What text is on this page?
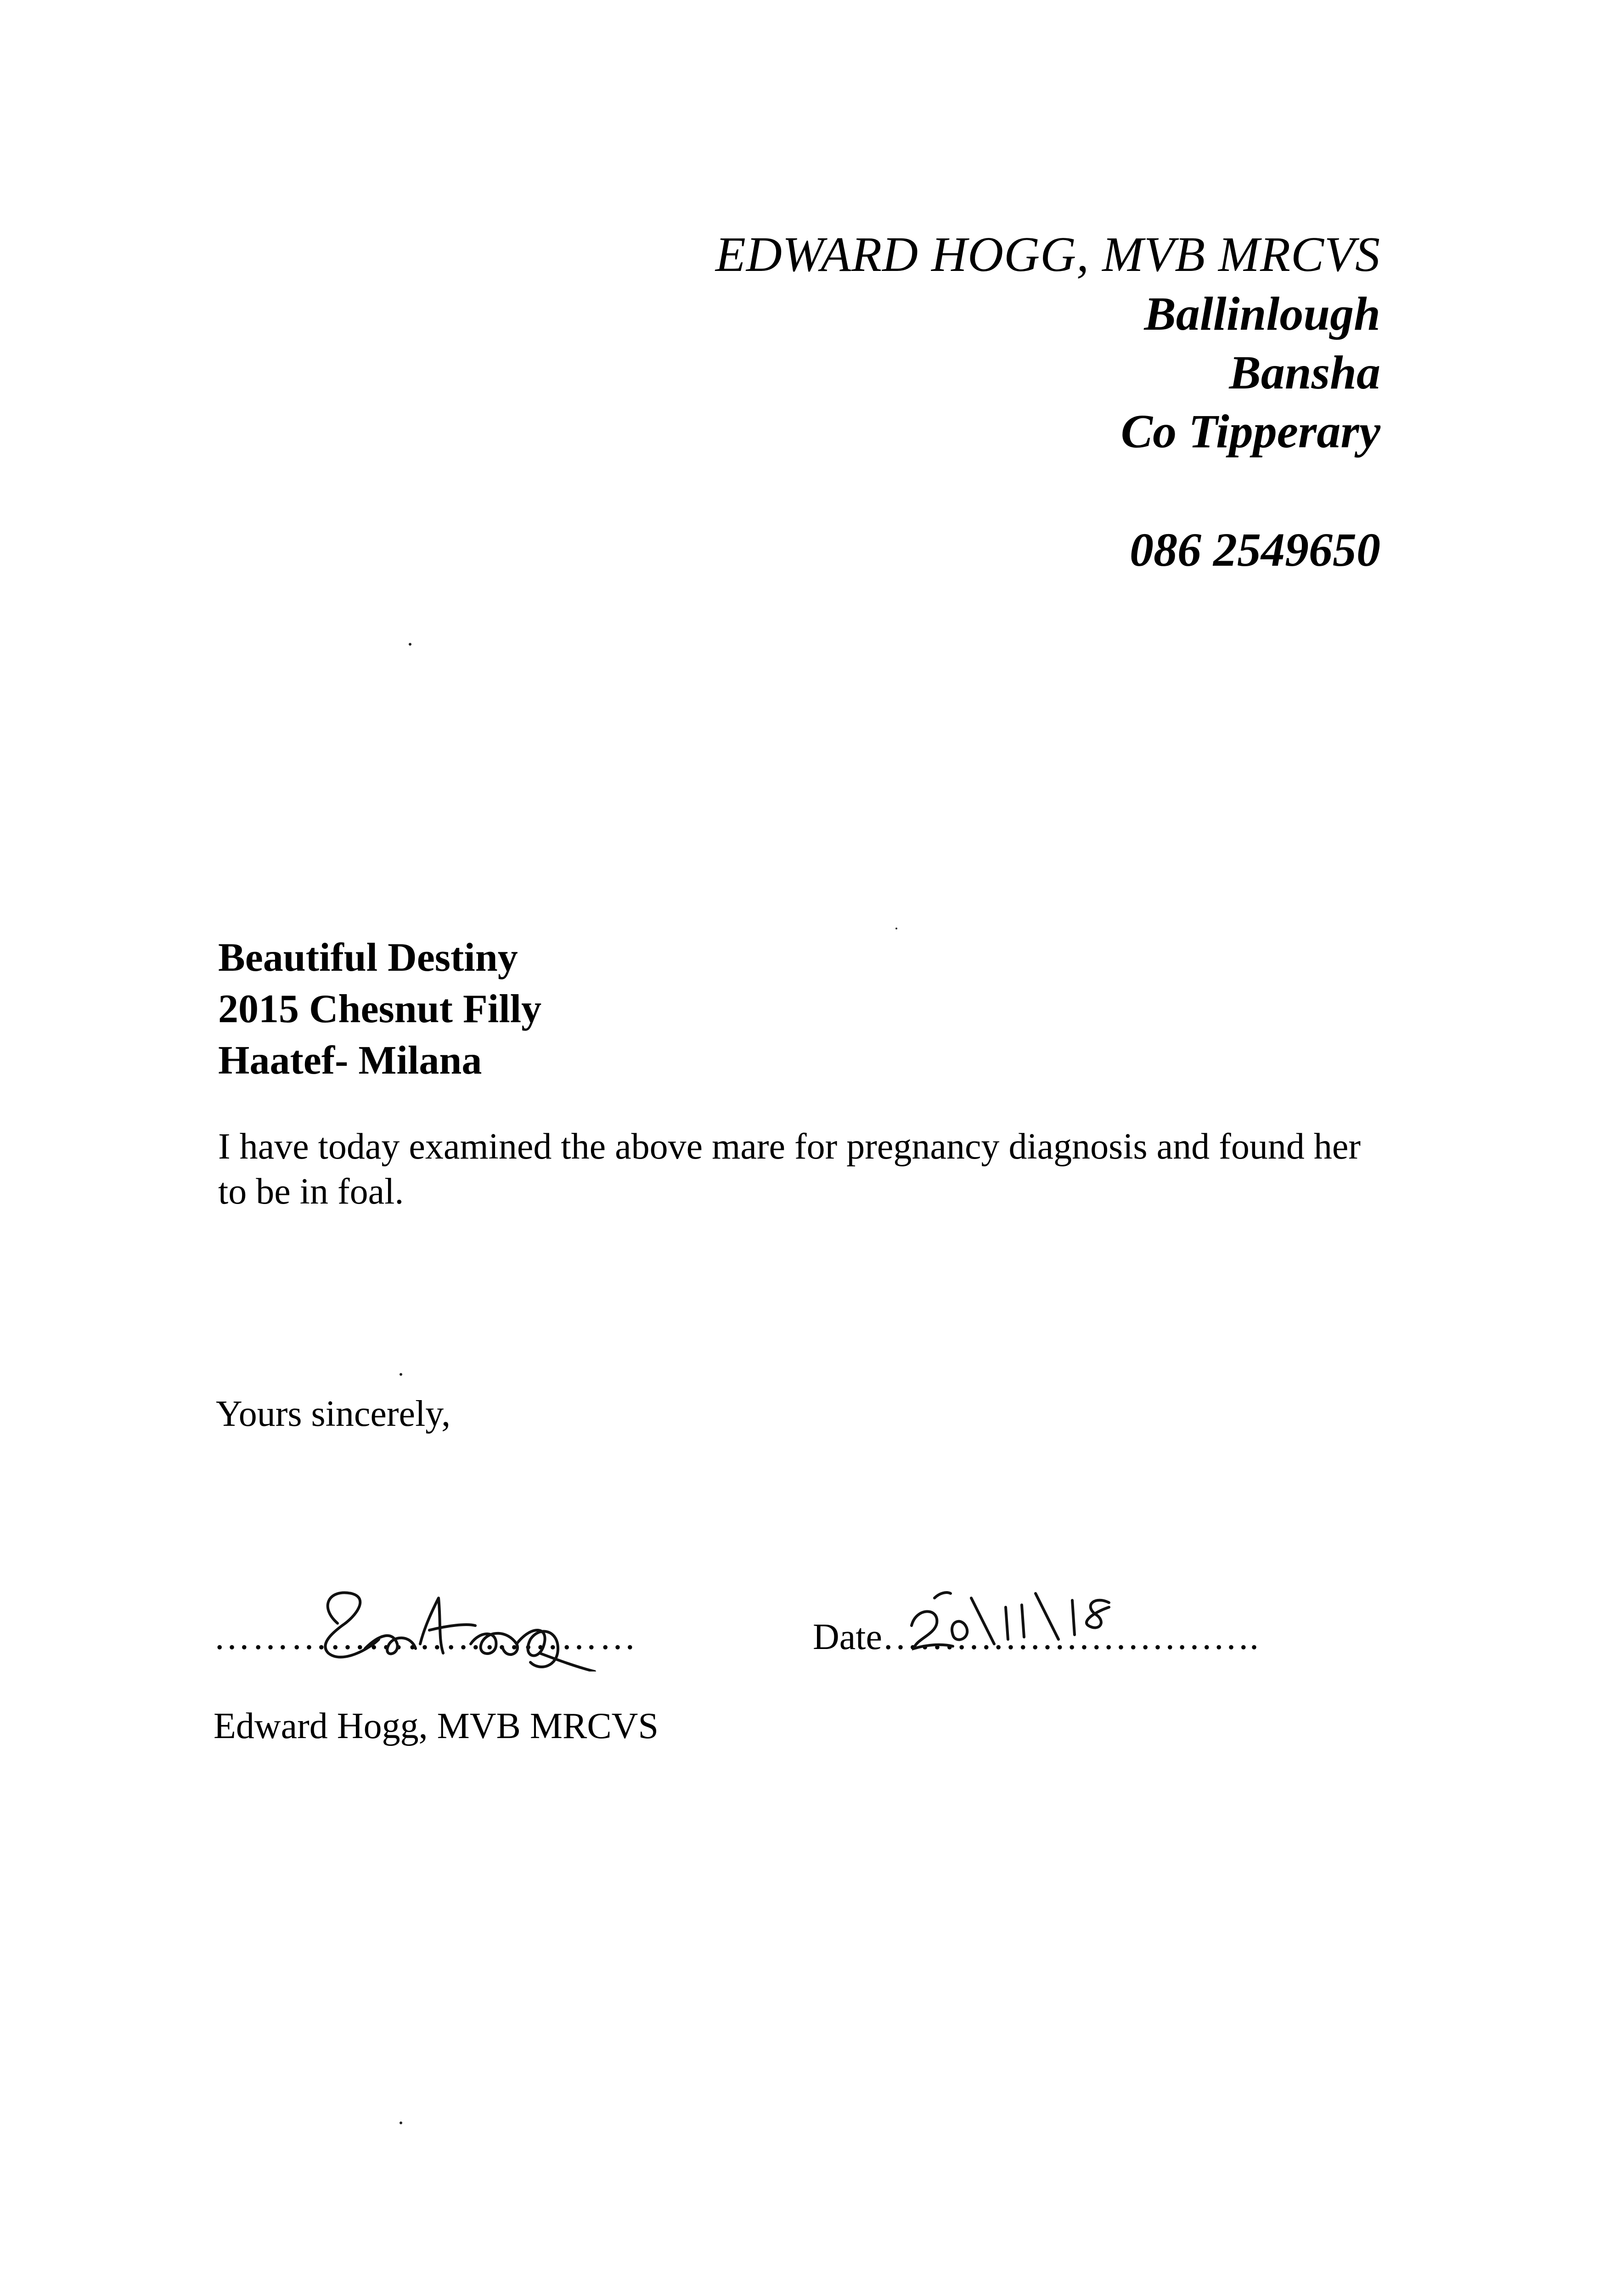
EDWARD HOGG, MVB MRCVS
Ballinlough
Bansha
Co Tipperary
086 2549650
Beautiful Destiny
2015 Chesnut Filly
Haatef- Milana
I have today examined the above mare for pregnancy diagnosis and found her to be in foal.
Yours sincerely,
……………………………	Date………………………….
Edward Hogg, MVB MRCVS
